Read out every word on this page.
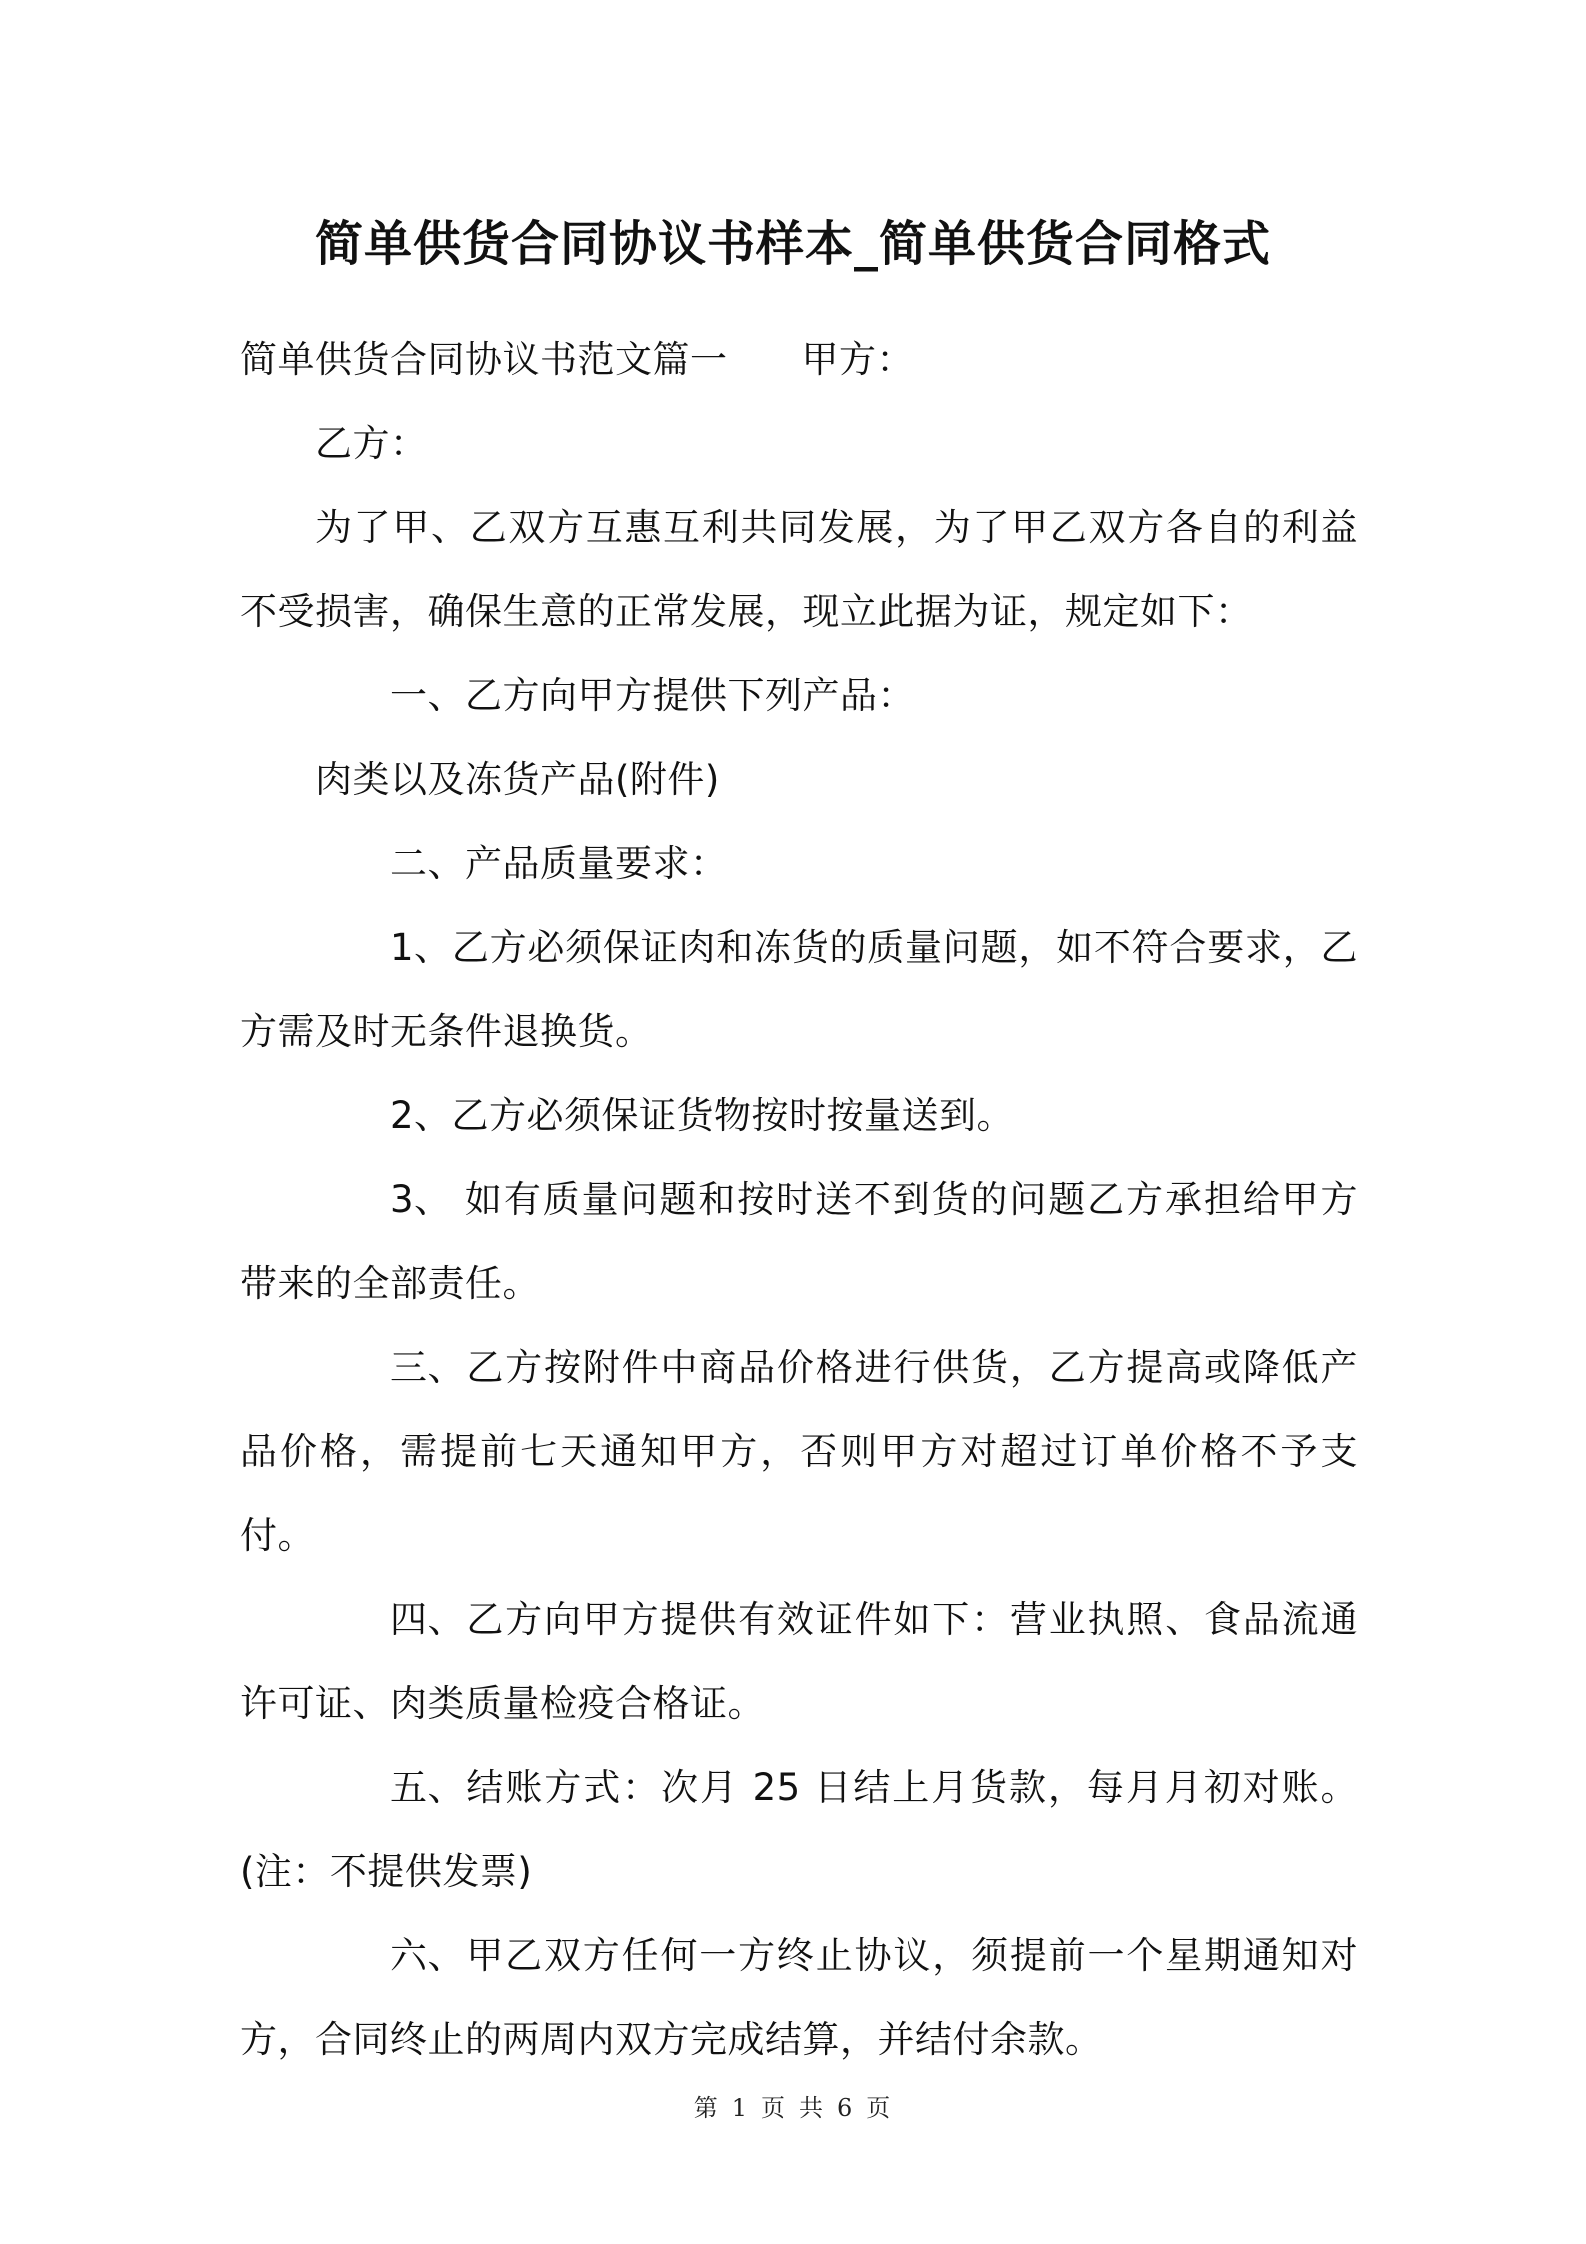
简单供货合同协议书样本_简单供货合同格式

简单供货合同协议书范文篇一 甲方：

乙方：

为了甲、乙双方互惠互利共同发展，为了甲乙双方各自的利益不受损害，确保生意的正常发展，现立此据为证，规定如下：

一、乙方向甲方提供下列产品：

肉类以及冻货产品(附件)

二、产品质量要求：

1、乙方必须保证肉和冻货的质量问题，如不符合要求，乙方需及时无条件退换货。

2、乙方必须保证货物按时按量送到。

3、 如有质量问题和按时送不到货的问题乙方承担给甲方带来的全部责任。

三、乙方按附件中商品价格进行供货，乙方提高或降低产品价格，需提前七天通知甲方，否则甲方对超过订单价格不予支付。

四、乙方向甲方提供有效证件如下：营业执照、食品流通许可证、肉类质量检疫合格证。

五、结账方式：次月 25 日结上月货款，每月月初对账。(注：不提供发票)

六、甲乙双方任何一方终止协议，须提前一个星期通知对方，合同终止的两周内双方完成结算，并结付余款。

第 1 页 共 6 页
